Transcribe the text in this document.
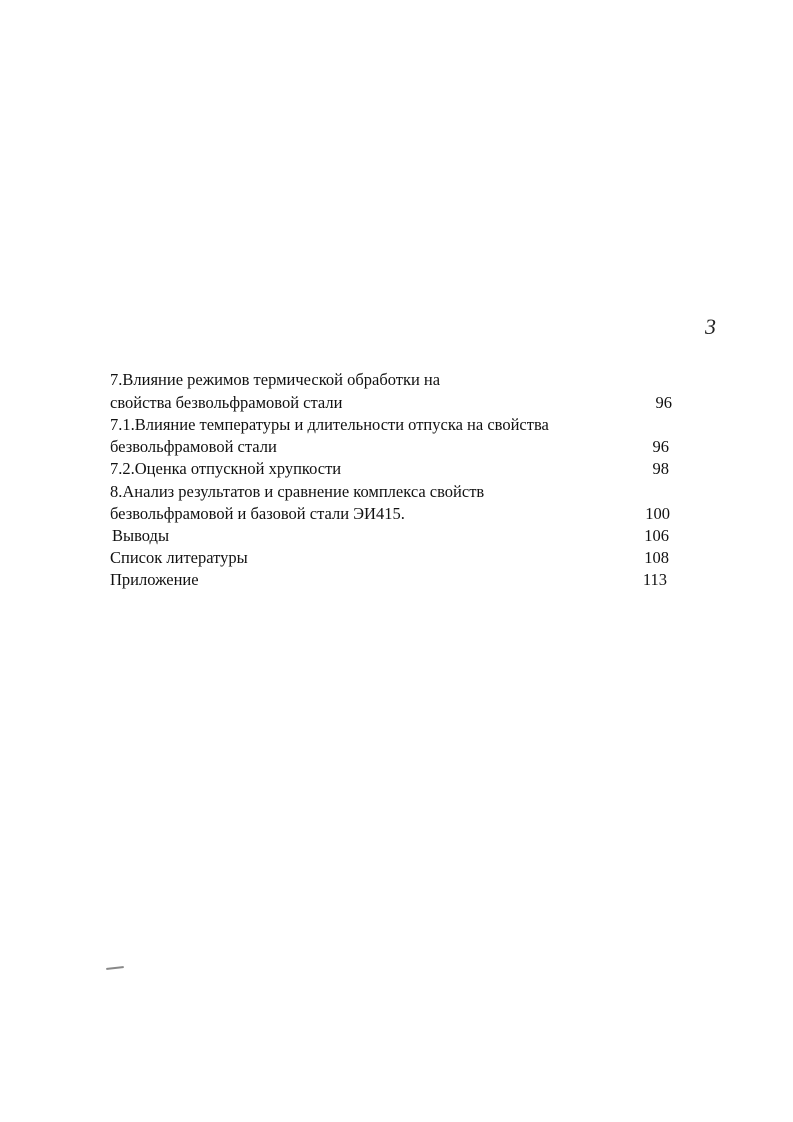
3
7.Влияние режимов термической обработки на
свойства безвольфрамовой стали	96
7.1.Влияние температуры и длительности отпуска на свойства
безвольфрамовой стали	96
7.2.Оценка отпускной хрупкости	98
8.Анализ результатов и сравнение комплекса свойств
безвольфрамовой и базовой стали ЭИ415.	100
Выводы	106
Список литературы	108
Приложение	113
